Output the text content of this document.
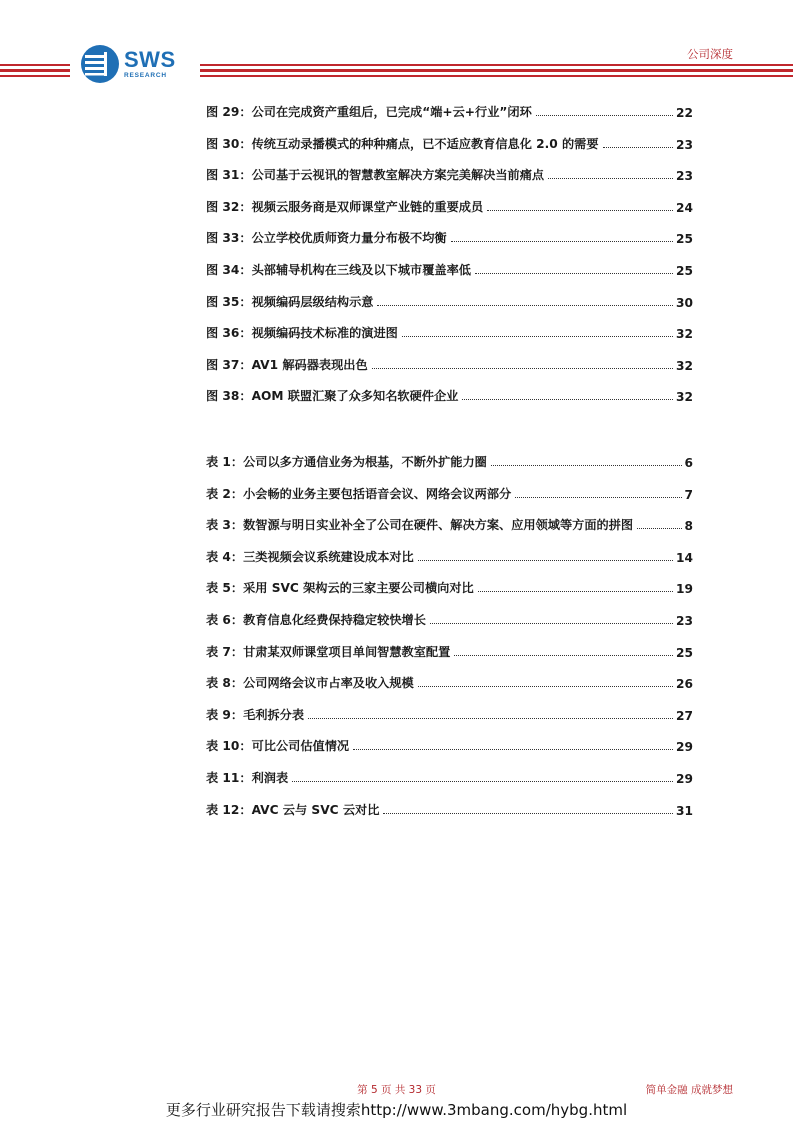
SWS
RESEARCH
公司深度
图 29：公司在完成资产重组后，已完成“端+云+行业”闭环	22
图 30：传统互动录播模式的种种痛点，已不适应教育信息化 2.0 的需要	23
图 31：公司基于云视讯的智慧教室解决方案完美解决当前痛点	23
图 32：视频云服务商是双师课堂产业链的重要成员	24
图 33：公立学校优质师资力量分布极不均衡	25
图 34：头部辅导机构在三线及以下城市覆盖率低	25
图 35：视频编码层级结构示意	30
图 36：视频编码技术标准的演进图	32
图 37：AV1 解码器表现出色	32
图 38：AOM 联盟汇聚了众多知名软硬件企业	32
表 1：公司以多方通信业务为根基，不断外扩能力圈	6
表 2：小会畅的业务主要包括语音会议、网络会议两部分	7
表 3：数智源与明日实业补全了公司在硬件、解决方案、应用领域等方面的拼图	8
表 4：三类视频会议系统建设成本对比	14
表 5：采用 SVC 架构云的三家主要公司横向对比	19
表 6：教育信息化经费保持稳定较快增长	23
表 7：甘肃某双师课堂项目单间智慧教室配置	25
表 8：公司网络会议市占率及收入规模	26
表 9：毛利拆分表	27
表 10：可比公司估值情况	29
表 11：利润表	29
表 12：AVC 云与 SVC 云对比	31
第 5 页 共 33 页	简单金融 成就梦想
更多行业研究报告下载请搜索http://www.3mbang.com/hybg.html
